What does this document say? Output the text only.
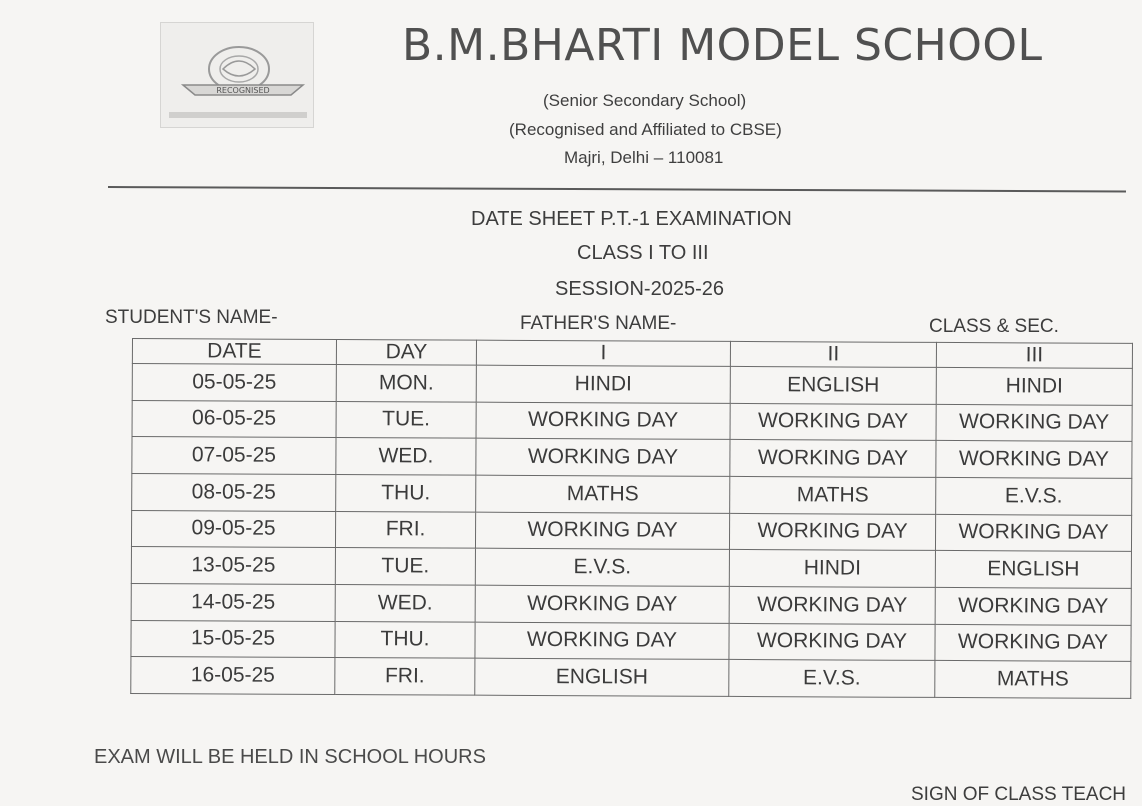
RECOGNISED
B.M.BHARTI MODEL SCHOOL
(Senior Secondary School)
(Recognised and Affiliated to CBSE)
Majri, Delhi – 110081
DATE SHEET P.T.-1 EXAMINATION
CLASS I TO III
SESSION-2025-26
STUDENT'S NAME-	FATHER'S NAME-	CLASS & SEC.
DATE	DAY	I	II	III
05-05-25	MON.	HINDI	ENGLISH	HINDI
06-05-25	TUE.	WORKING DAY	WORKING DAY	WORKING DAY
07-05-25	WED.	WORKING DAY	WORKING DAY	WORKING DAY
08-05-25	THU.	MATHS	MATHS	E.V.S.
09-05-25	FRI.	WORKING DAY	WORKING DAY	WORKING DAY
13-05-25	TUE.	E.V.S.	HINDI	ENGLISH
14-05-25	WED.	WORKING DAY	WORKING DAY	WORKING DAY
15-05-25	THU.	WORKING DAY	WORKING DAY	WORKING DAY
16-05-25	FRI.	ENGLISH	E.V.S.	MATHS
EXAM WILL BE HELD IN SCHOOL HOURS
SIGN OF CLASS TEACH
